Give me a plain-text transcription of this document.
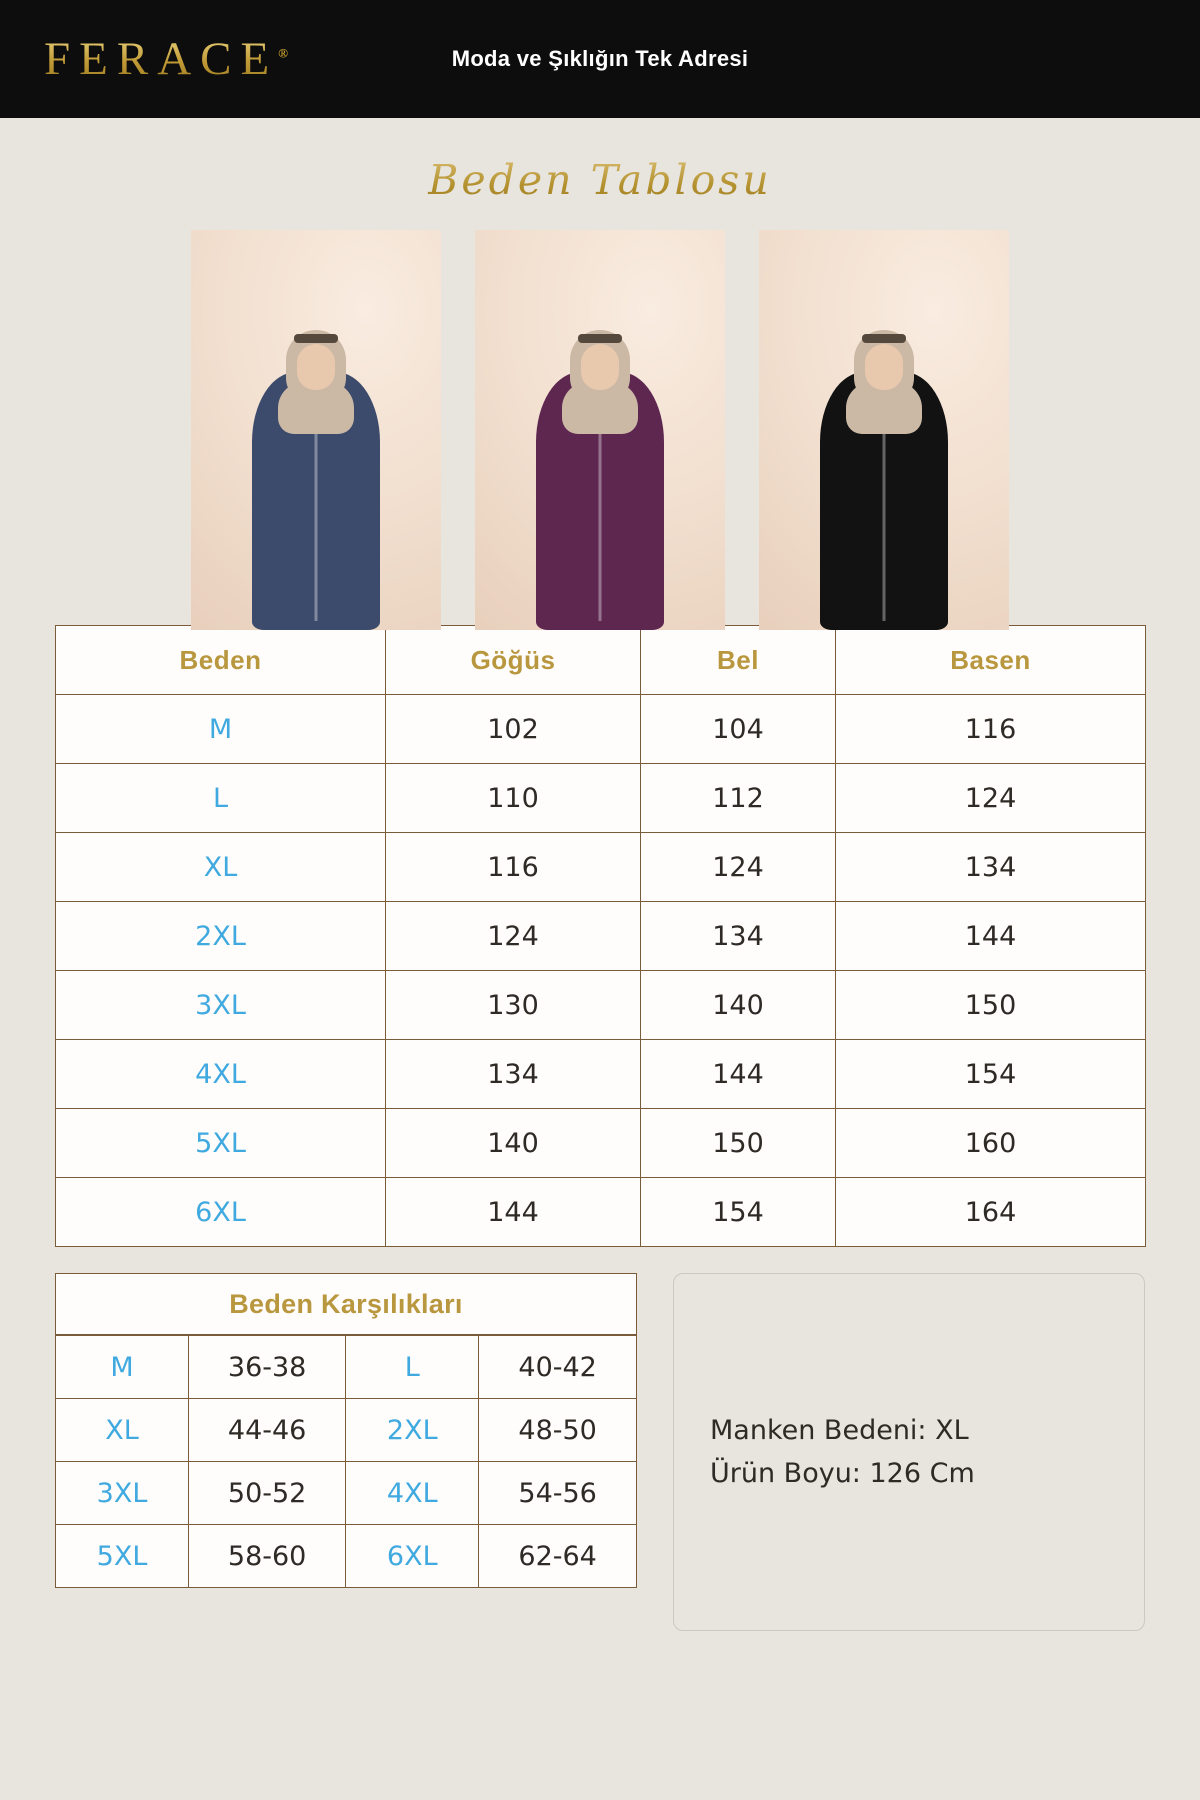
FERACE®	Moda ve Şıklığın Tek Adresi
Beden Tablosu
Beden	Göğüs	Bel	Basen
M	102	104	116
L	110	112	124
XL	116	124	134
2XL	124	134	144
3XL	130	140	150
4XL	134	144	154
5XL	140	150	160
6XL	144	154	164
Beden Karşılıkları
M	36-38	L	40-42
XL	44-46	2XL	48-50
3XL	50-52	4XL	54-56
5XL	58-60	6XL	62-64
Manken Bedeni: XL
Ürün Boyu: 126 Cm
